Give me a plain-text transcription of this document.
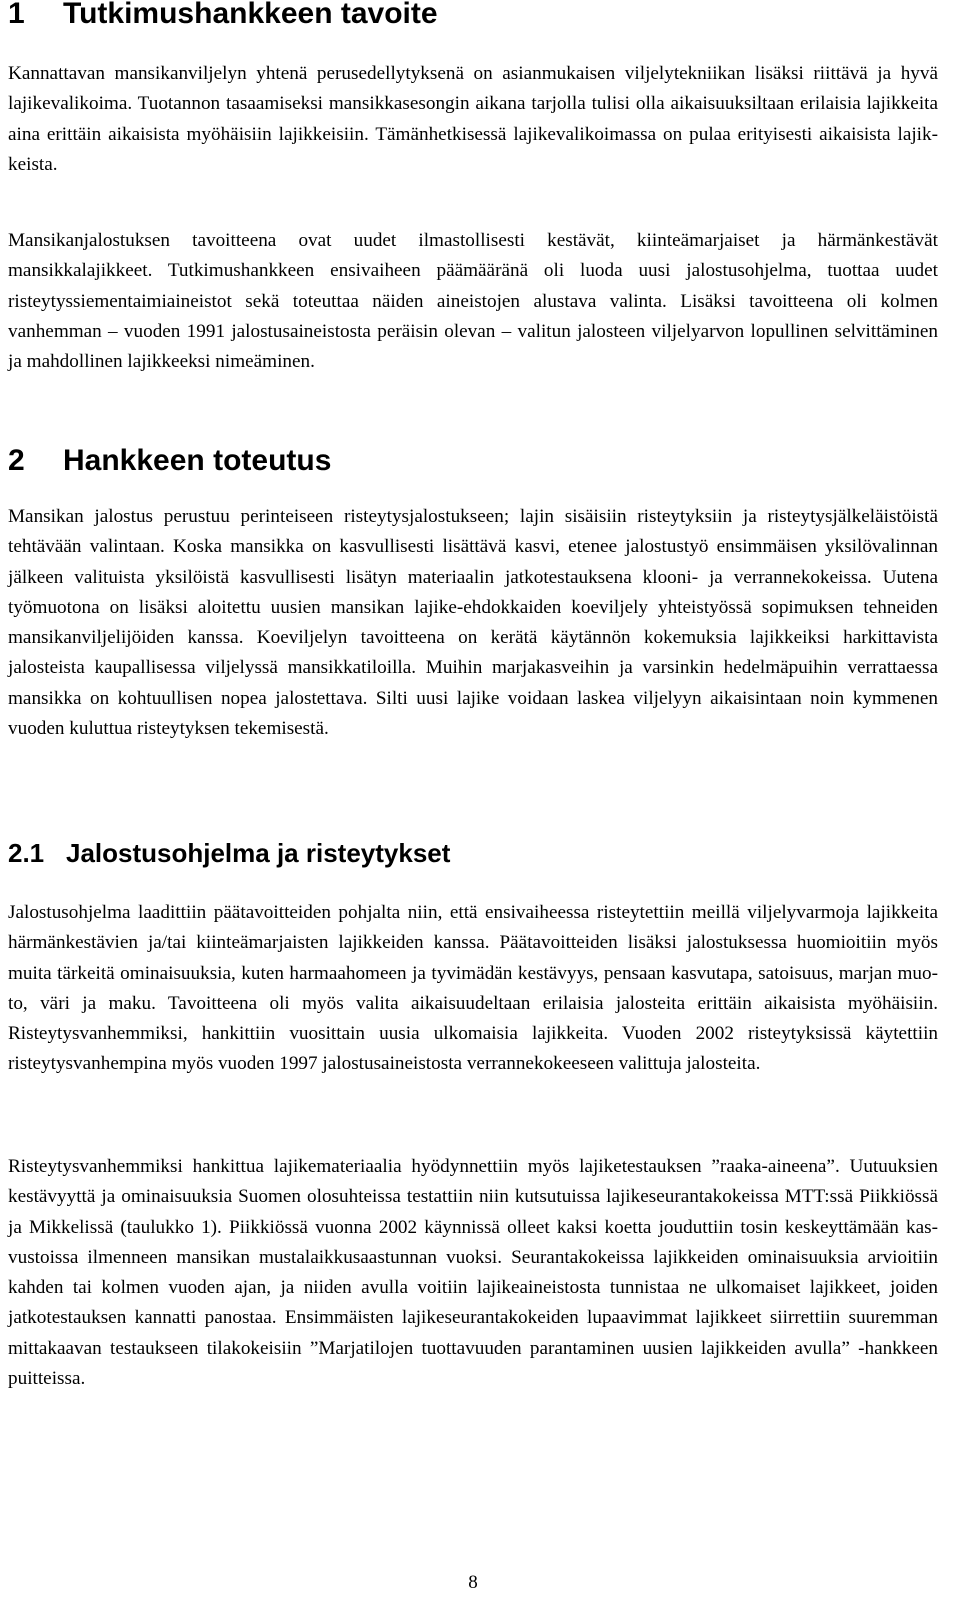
1 Tutkimushankkeen tavoite

Kannattavan mansikanviljelyn yhtenä perusedellytyksenä on asianmukaisen viljelytekniikan lisäksi riittävä ja hyvä lajikevalikoima. Tuotannon tasaamiseksi mansikkasesongin aikana tarjolla tulisi olla aikaisuuksiltaan erilaisia lajikkeita aina erittäin aikaisista myöhäisiin lajikkeisiin. Tämänhetkisessä lajikevalikoimassa on pulaa erityisesti aikaisista lajikkeista.

Mansikanjalostuksen tavoitteena ovat uudet ilmastollisesti kestävät, kiinteämarjaiset ja härmänkestävät mansikkalajikkeet. Tutkimushankkeen ensivaiheen päämääränä oli luoda uusi jalostusohjelma, tuottaa uudet risteytyssiementaimiaineistot sekä toteuttaa näiden aineistojen alustava valinta. Lisäksi tavoitteena oli kolmen vanhemman – vuoden 1991 jalostusaineistosta peräisin olevan – valitun jalosteen viljelyarvon lopullinen selvittäminen ja mahdollinen lajikkeeksi nimeäminen.

2 Hankkeen toteutus

Mansikan jalostus perustuu perinteiseen risteytysjalostukseen; lajin sisäisiin risteytyksiin ja risteytysjälkeläistöistä tehtävään valintaan. Koska mansikka on kasvullisesti lisättävä kasvi, etenee jalostustyö ensimmäisen yksilövalinnan jälkeen valituista yksilöistä kasvullisesti lisätyn materiaalin jatkotestauksena klooni- ja verrannekokeissa. Uutena työmuotona on lisäksi aloitettu uusien mansikan lajike-ehdokkaiden koeviljely yhteistyössä sopimuksen tehneiden mansikanviljelijöiden kanssa. Koeviljelyn tavoitteena on kerätä käytännön kokemuksia lajikkeiksi harkittavista jalosteista kaupallisessa viljelyssä mansikkatiloilla. Muihin marjakasveihin ja varsinkin hedelmäpuihin verrattaessa mansikka on kohtuullisen nopea jalostettava. Silti uusi lajike voidaan laskea viljelyyn aikaisintaan noin kymmenen vuoden kuluttua risteytyksen tekemisestä.

2.1 Jalostusohjelma ja risteytykset

Jalostusohjelma laadittiin päätavoitteiden pohjalta niin, että ensivaiheessa risteytettiin meillä viljelyvarmoja lajikkeita härmänkestävien ja/tai kiinteämarjaisten lajikkeiden kanssa. Päätavoitteiden lisäksi jalostuksessa huomioitiin myös muita tärkeitä ominaisuuksia, kuten harmaahomeen ja tyvimädän kestävyys, pensaan kasvutapa, satoisuus, marjan muoto, väri ja maku. Tavoitteena oli myös valita aikaisuudeltaan erilaisia jalosteita erittäin aikaisista myöhäisiin. Risteytysvanhemmiksi, hankittiin vuosittain uusia ulkomaisia lajikkeita. Vuoden 2002 risteytyksissä käytettiin risteytysvanhempina myös vuoden 1997 jalostusaineistosta verrannekokeeseen valittuja jalosteita.

Risteytysvanhemmiksi hankittua lajikemateriaalia hyödynnettiin myös lajiketestauksen ”raaka-aineena”. Uutuuksien kestävyyttä ja ominaisuuksia Suomen olosuhteissa testattiin niin kutsutuissa lajikeseurantakokeissa MTT:ssä Piikkiössä ja Mikkelissä (taulukko 1). Piikkiössä vuonna 2002 käynnissä olleet kaksi koetta jouduttiin tosin keskeyttämään kasvustoissa ilmenneen mansikan mustalaikkusaastunnan vuoksi. Seurantakokeissa lajikkeiden ominaisuuksia arvioitiin kahden tai kolmen vuoden ajan, ja niiden avulla voitiin lajikeaineistosta tunnistaa ne ulkomaiset lajikkeet, joiden jatkotestauksen kannatti panostaa. Ensimmäisten lajikeseurantakokeiden lupaavimmat lajikkeet siirrettiin suuremman mittakaavan testaukseen tilakokeisiin ”Marjatilojen tuottavuuden parantaminen uusien lajikkeiden avulla” -hankkeen puitteissa.

8
